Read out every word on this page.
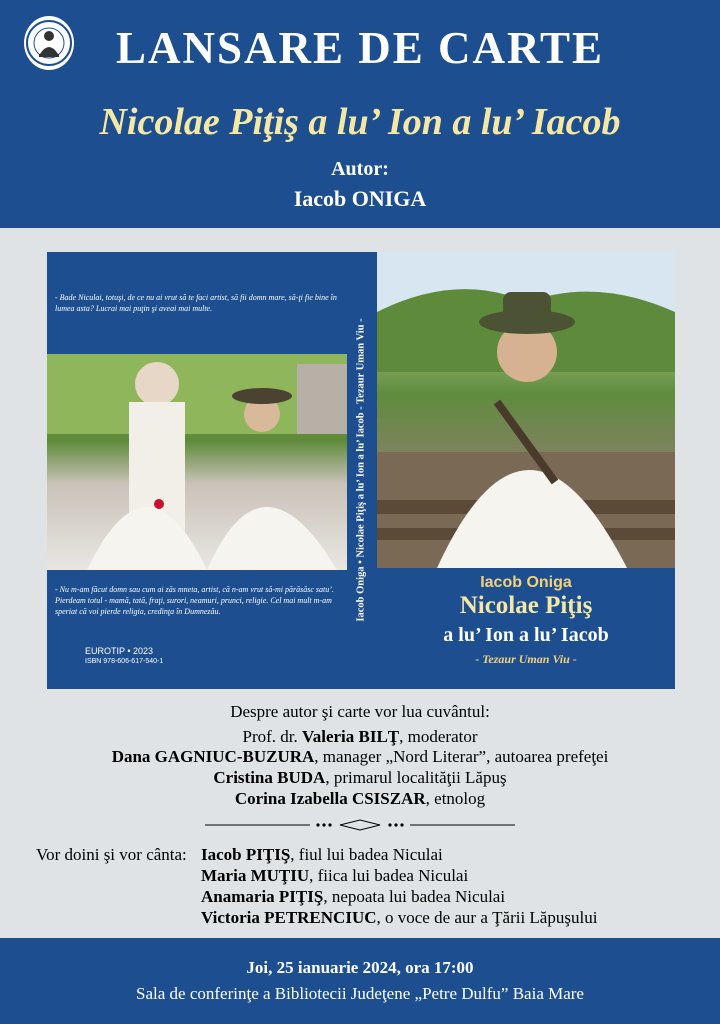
LANSARE DE CARTE
Nicolae Piţiş a lu’ Ion a lu’ Iacob
Autor:
Iacob ONIGA
- Bade Niculai, totuşi, de ce nu ai vrut să te faci artist, să fii domn mare, să-ţi fie bine în lumea asta? Lucrai mai puţin şi aveai mai multe.
- Nu m-am făcut domn sau cum ai zăs mneta, artist, că n-am vrut să-mi părăsăsc satu’. Pierdeam totul - mamă, tată, fraţi, surori, neamuri, prunci, religie. Cel mai mult m-am speriat că voi pierde religia, credinţa în Dumnezău.
EUROTIP • 2023
ISBN 978-606-617-540-1
Iacob Oniga • Nicolae Piţiş a lu’ Ion a lu’ Iacob - Tezaur Uman Viu -	Iacob Oniga
Nicolae Piţiş
a lu’ Ion a lu’ Iacob
- Tezaur Uman Viu -
Despre autor şi carte vor lua cuvântul:
Prof. dr. Valeria BILŢ, moderator
Dana GAGNIUC-BUZURA, manager „Nord Literar”, autoarea prefeţei
Cristina BUDA, primarul localităţii Lăpuş
Corina Izabella CSISZAR, etnolog
Vor doini şi vor cânta: Iacob PIŢIŞ, fiul lui badea Niculai
Maria MUŢIU, fiica lui badea Niculai
Anamaria PIŢIŞ, nepoata lui badea Niculai
Victoria PETRENCIUC, o voce de aur a Ţării Lăpuşului
Joi, 25 ianuarie 2024, ora 17:00
Sala de conferinţe a Bibliotecii Judeţene „Petre Dulfu” Baia Mare
